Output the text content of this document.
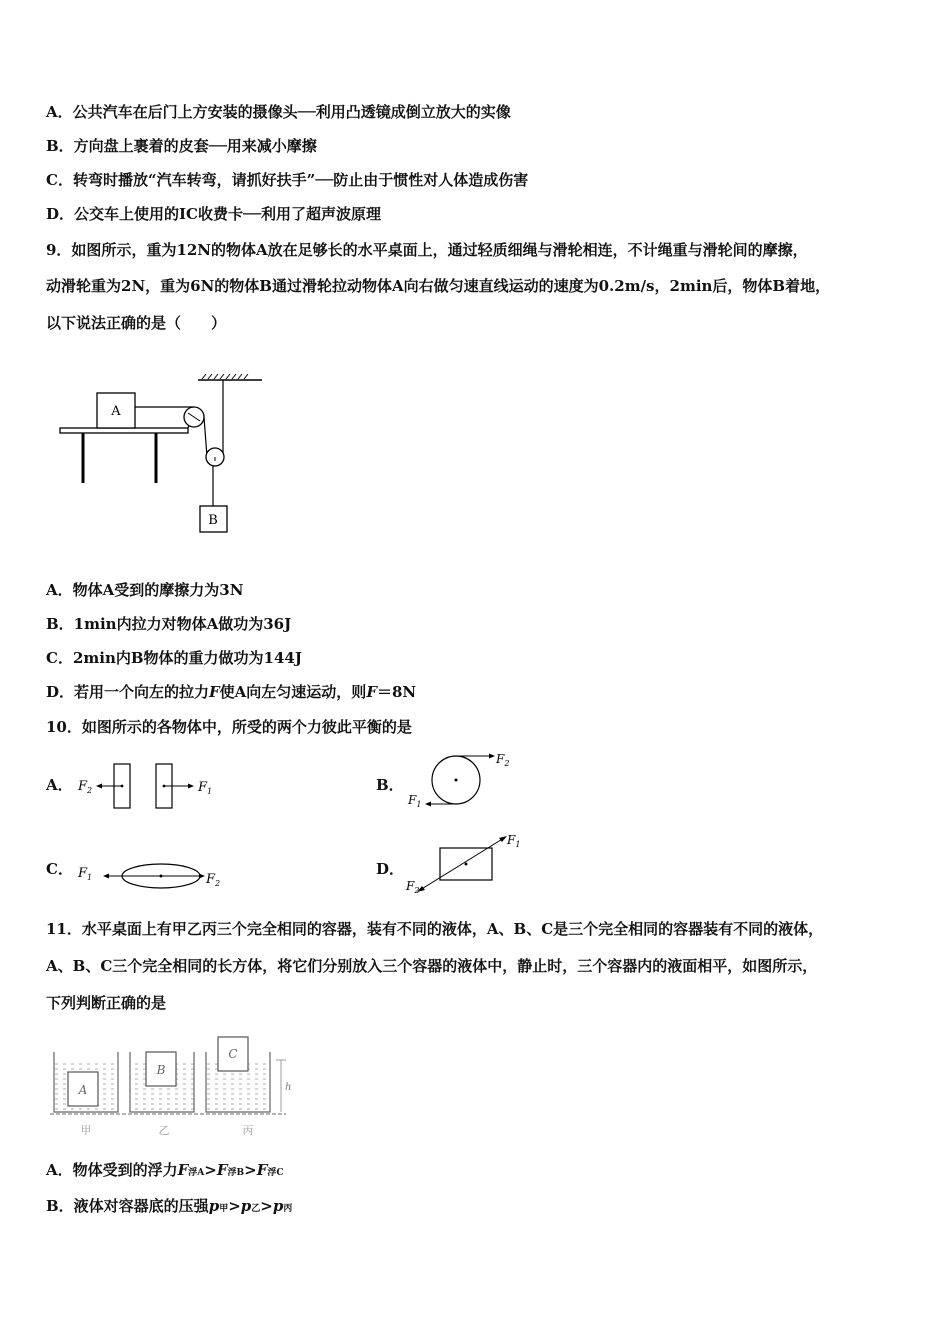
A．公共汽车在后门上方安装的摄像头──利用凸透镜成倒立放大的实像
B．方向盘上裹着的皮套──用来减小摩擦
C．转弯时播放“汽车转弯，请抓好扶手”──防止由于惯性对人体造成伤害
D．公交车上使用的IC收费卡──利用了超声波原理
9．如图所示，重为12N的物体A放在足够长的水平桌面上，通过轻质细绳与滑轮相连，不计绳重与滑轮间的摩擦，
动滑轮重为2N，重为6N的物体B通过滑轮拉动物体A向右做匀速直线运动的速度为0.2m/s，2min后，物体B着地，
以下说法正确的是（　　）
A
B
A．物体A受到的摩擦力为3N
B．1min内拉力对物体A做功为36J
C．2min内B物体的重力做功为144J
D．若用一个向左的拉力F使A向左匀速运动，则F＝8N
10．如图所示的各物体中，所受的两个力彼此平衡的是
A． $F_2$	$F_1$	B．
$F_2$
$F_1$
C． $F_1$	$F_2$
D．
$F_1$
$F_2$
11．水平桌面上有甲乙丙三个完全相同的容器，装有不同的液体，A、B、C是三个完全相同的容器装有不同的液体，
A、B、C三个完全相同的长方体，将它们分别放入三个容器的液体中，静止时，三个容器内的液面相平，如图所示，
下列判断正确的是
A
B
C
h
甲	乙	丙
A．物体受到的浮力F浮A>F浮B>F浮C
B．液体对容器底的压强p甲>p乙>p丙
